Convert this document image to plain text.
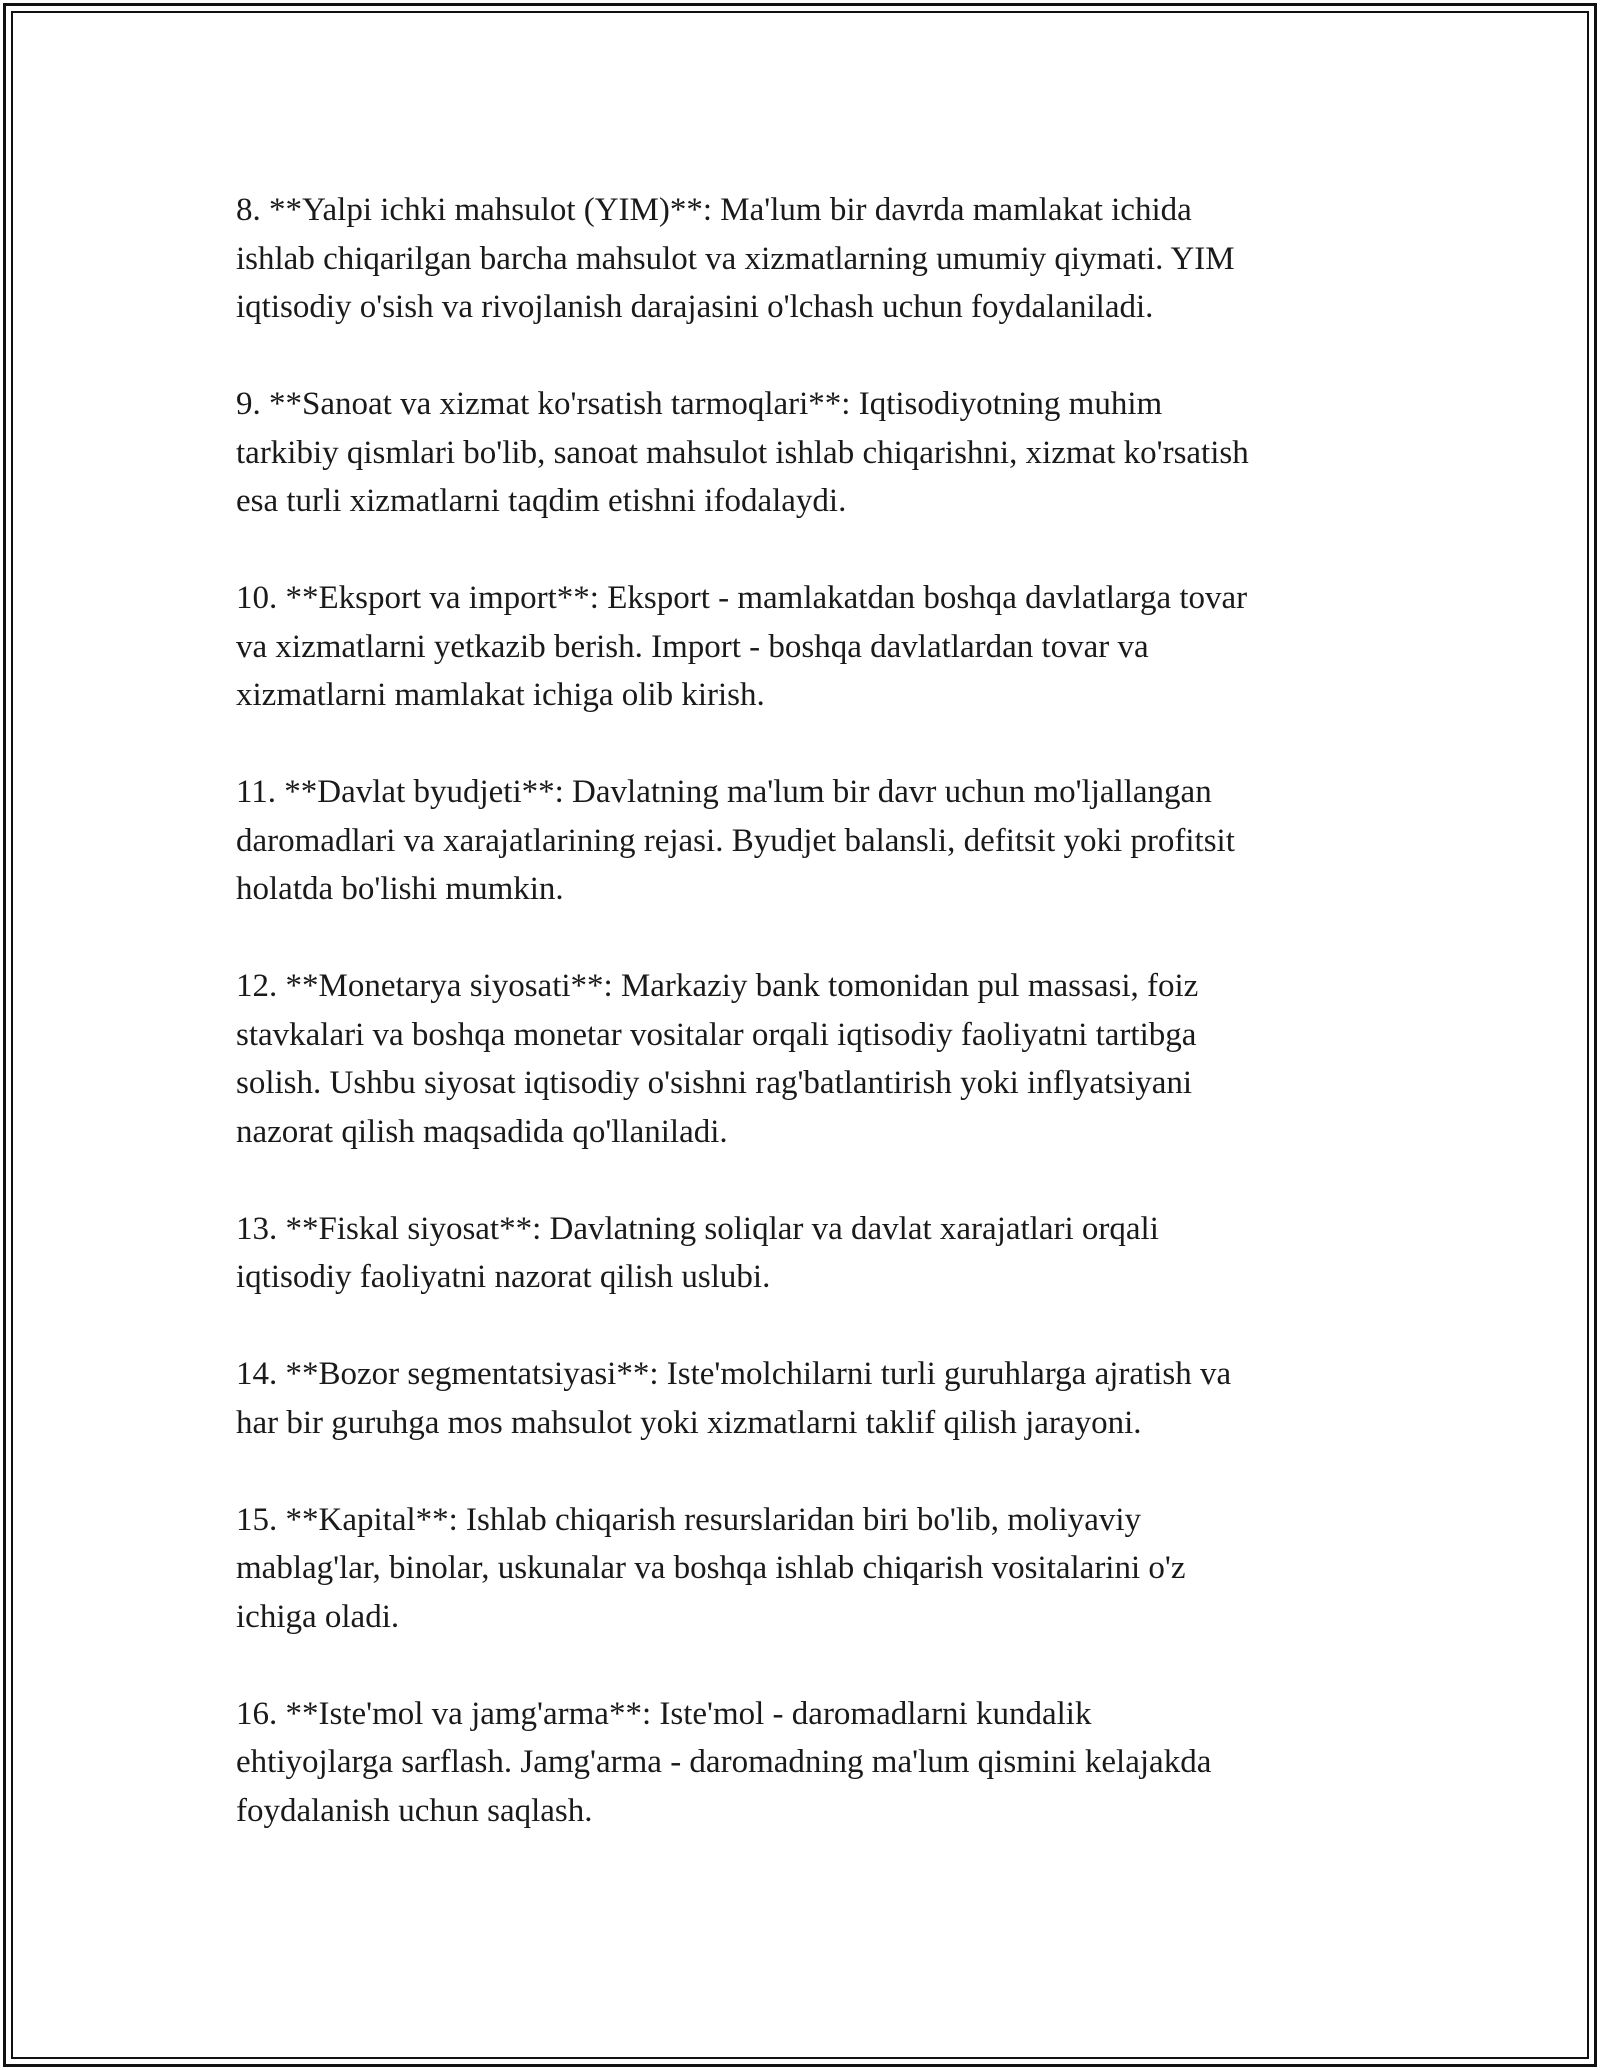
8. **Yalpi ichki mahsulot (YIM)**: Ma'lum bir davrda mamlakat ichida
ishlab chiqarilgan barcha mahsulot va xizmatlarning umumiy qiymati. YIM
iqtisodiy o'sish va rivojlanish darajasini o'lchash uchun foydalaniladi.

9. **Sanoat va xizmat ko'rsatish tarmoqlari**: Iqtisodiyotning muhim
tarkibiy qismlari bo'lib, sanoat mahsulot ishlab chiqarishni, xizmat ko'rsatish
esa turli xizmatlarni taqdim etishni ifodalaydi.

10. **Eksport va import**: Eksport - mamlakatdan boshqa davlatlarga tovar
va xizmatlarni yetkazib berish. Import - boshqa davlatlardan tovar va
xizmatlarni mamlakat ichiga olib kirish.

11. **Davlat byudjeti**: Davlatning ma'lum bir davr uchun mo'ljallangan
daromadlari va xarajatlarining rejasi. Byudjet balansli, defitsit yoki profitsit
holatda bo'lishi mumkin.

12. **Monetarya siyosati**: Markaziy bank tomonidan pul massasi, foiz
stavkalari va boshqa monetar vositalar orqali iqtisodiy faoliyatni tartibga
solish. Ushbu siyosat iqtisodiy o'sishni rag'batlantirish yoki inflyatsiyani
nazorat qilish maqsadida qo'llaniladi.

13. **Fiskal siyosat**: Davlatning soliqlar va davlat xarajatlari orqali
iqtisodiy faoliyatni nazorat qilish uslubi.

14. **Bozor segmentatsiyasi**: Iste'molchilarni turli guruhlarga ajratish va
har bir guruhga mos mahsulot yoki xizmatlarni taklif qilish jarayoni.

15. **Kapital**: Ishlab chiqarish resurslaridan biri bo'lib, moliyaviy
mablag'lar, binolar, uskunalar va boshqa ishlab chiqarish vositalarini o'z
ichiga oladi.

16. **Iste'mol va jamg'arma**: Iste'mol - daromadlarni kundalik
ehtiyojlarga sarflash. Jamg'arma - daromadning ma'lum qismini kelajakda
foydalanish uchun saqlash.
